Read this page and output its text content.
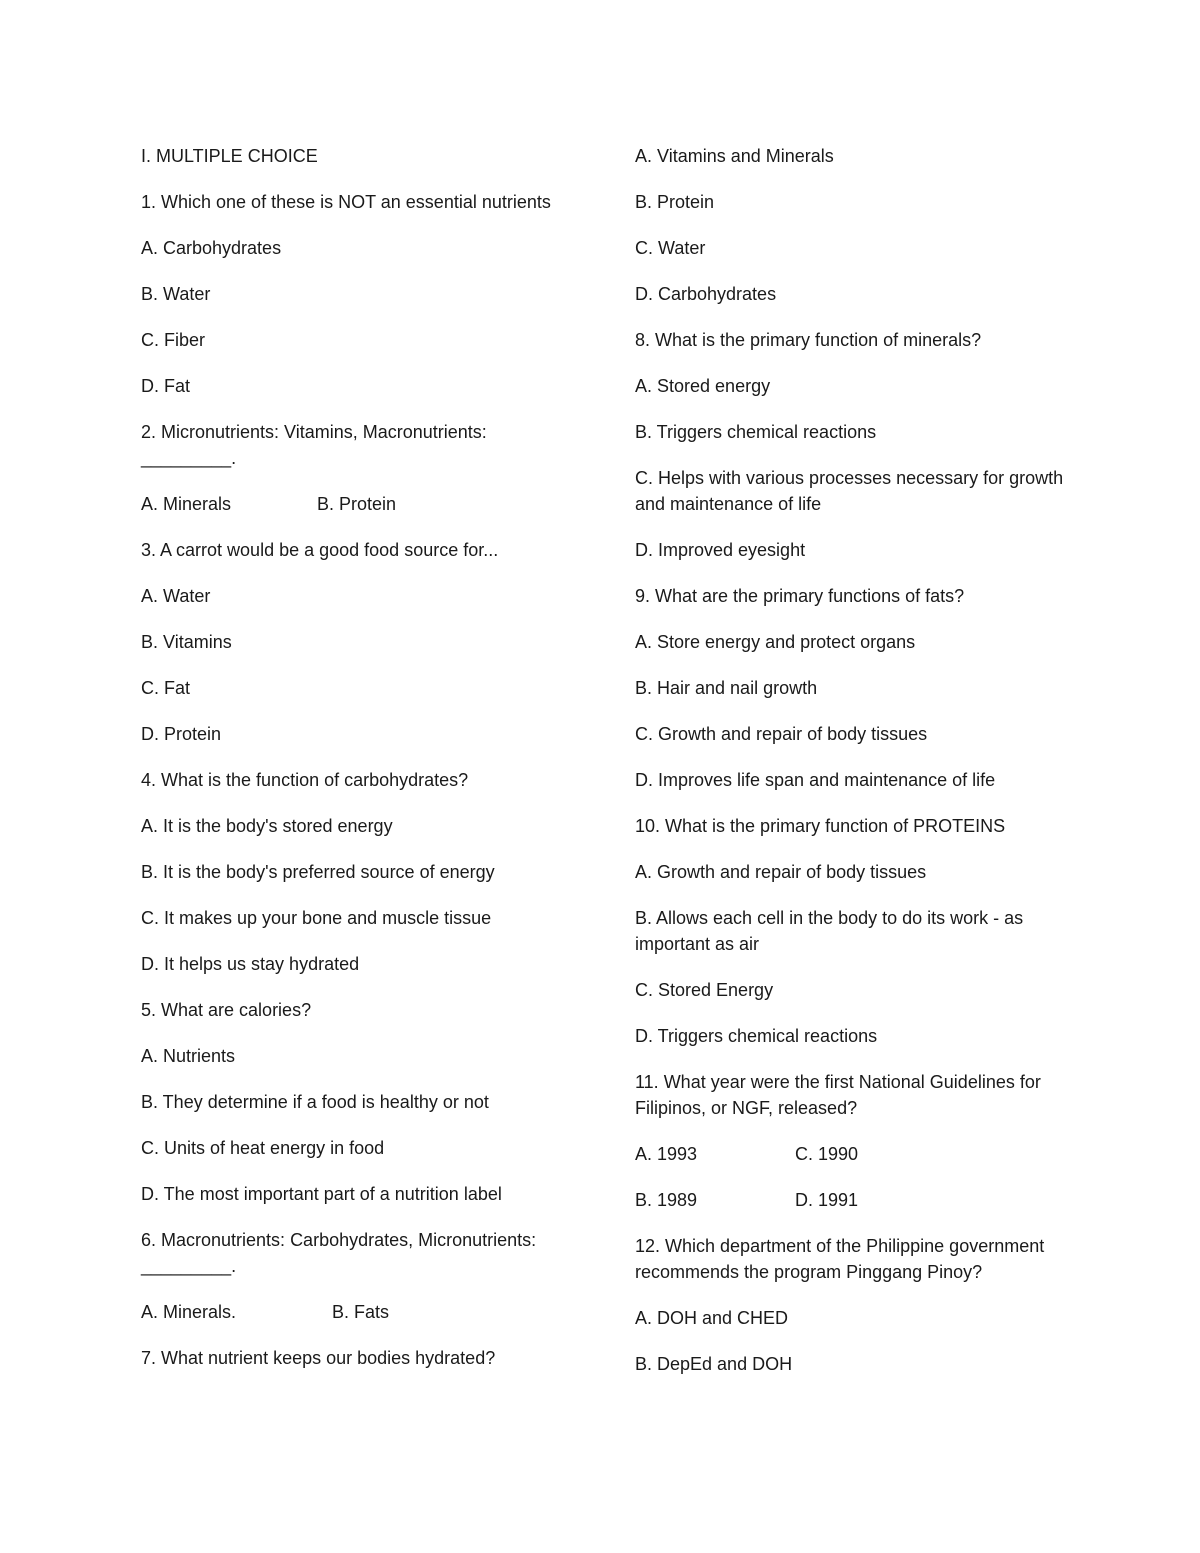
I. MULTIPLE CHOICE

1. Which one of these is NOT an essential nutrients

A. Carbohydrates

B. Water

C. Fiber

D. Fat

2. Micronutrients: Vitamins, Macronutrients: _________.

A. Minerals	B. Protein

3. A carrot would be a good food source for...

A. Water

B. Vitamins

C. Fat

D. Protein

4. What is the function of carbohydrates?

A. It is the body's stored energy

B. It is the body's preferred source of energy

C. It makes up your bone and muscle tissue

D. It helps us stay hydrated

5. What are calories?

A. Nutrients

B. They determine if a food is healthy or not

C. Units of heat energy in food

D. The most important part of a nutrition label

6. Macronutrients: Carbohydrates, Micronutrients: _________.

A. Minerals.	B. Fats

7. What nutrient keeps our bodies hydrated?

A. Vitamins and Minerals

B. Protein

C. Water

D. Carbohydrates

8. What is the primary function of minerals?

A. Stored energy

B. Triggers chemical reactions

C. Helps with various processes necessary for growth and maintenance of life

D. Improved eyesight

9. What are the primary functions of fats?

A. Store energy and protect organs

B. Hair and nail growth

C. Growth and repair of body tissues

D. Improves life span and maintenance of life

10. What is the primary function of PROTEINS

A. Growth and repair of body tissues

B. Allows each cell in the body to do its work - as important as air

C. Stored Energy

D. Triggers chemical reactions

11. What year were the first National Guidelines for Filipinos, or NGF, released?

A. 1993	C. 1990
B. 1989	D. 1991

12. Which department of the Philippine government recommends the program Pinggang Pinoy?

A. DOH and CHED

B. DepEd and DOH
